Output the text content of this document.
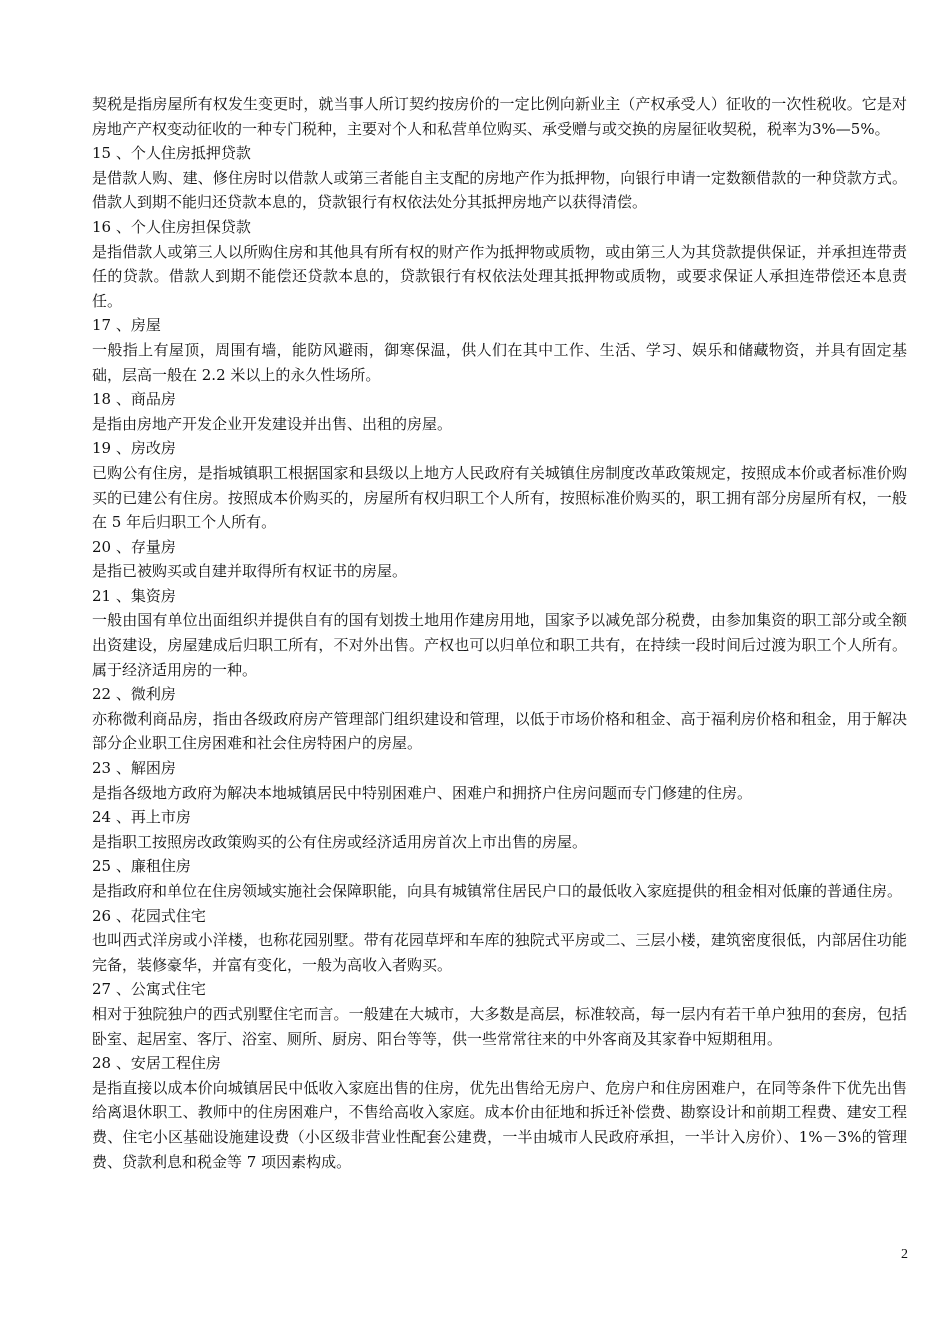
契税是指房屋所有权发生变更时，就当事人所订契约按房价的一定比例向新业主（产权承受人）征收的一次性税收。它是对房地产产权变动征收的一种专门税种，主要对个人和私营单位购买、承受赠与或交换的房屋征收契税，税率为3%—5%。

15 、个人住房抵押贷款

是借款人购、建、修住房时以借款人或第三者能自主支配的房地产作为抵押物，向银行申请一定数额借款的一种贷款方式。借款人到期不能归还贷款本息的，贷款银行有权依法处分其抵押房地产以获得清偿。

16 、个人住房担保贷款

是指借款人或第三人以所购住房和其他具有所有权的财产作为抵押物或质物，或由第三人为其贷款提供保证，并承担连带责任的贷款。借款人到期不能偿还贷款本息的，贷款银行有权依法处理其抵押物或质物，或要求保证人承担连带偿还本息责任。

17 、房屋

一般指上有屋顶，周围有墙，能防风避雨，御寒保温，供人们在其中工作、生活、学习、娱乐和储藏物资，并具有固定基础，层高一般在 2.2 米以上的永久性场所。

18 、商品房

是指由房地产开发企业开发建设并出售、出租的房屋。

19 、房改房

已购公有住房，是指城镇职工根据国家和县级以上地方人民政府有关城镇住房制度改革政策规定，按照成本价或者标准价购买的已建公有住房。按照成本价购买的，房屋所有权归职工个人所有，按照标准价购买的，职工拥有部分房屋所有权，一般在 5 年后归职工个人所有。

20 、存量房

是指已被购买或自建并取得所有权证书的房屋。

21 、集资房

一般由国有单位出面组织并提供自有的国有划拨土地用作建房用地，国家予以减免部分税费，由参加集资的职工部分或全额出资建设，房屋建成后归职工所有，不对外出售。产权也可以归单位和职工共有，在持续一段时间后过渡为职工个人所有。属于经济适用房的一种。

22 、微利房

亦称微利商品房，指由各级政府房产管理部门组织建设和管理，以低于市场价格和租金、高于福利房价格和租金，用于解决部分企业职工住房困难和社会住房特困户的房屋。

23 、解困房

是指各级地方政府为解决本地城镇居民中特别困难户、困难户和拥挤户住房问题而专门修建的住房。

24 、再上市房

是指职工按照房改政策购买的公有住房或经济适用房首次上市出售的房屋。

25 、廉租住房

是指政府和单位在住房领域实施社会保障职能，向具有城镇常住居民户口的最低收入家庭提供的租金相对低廉的普通住房。

26 、花园式住宅

也叫西式洋房或小洋楼，也称花园别墅。带有花园草坪和车库的独院式平房或二、三层小楼，建筑密度很低，内部居住功能完备，装修豪华，并富有变化，一般为高收入者购买。

27 、公寓式住宅

相对于独院独户的西式别墅住宅而言。一般建在大城市，大多数是高层，标准较高，每一层内有若干单户独用的套房，包括卧室、起居室、客厅、浴室、厕所、厨房、阳台等等，供一些常常往来的中外客商及其家眷中短期租用。

28 、安居工程住房

是指直接以成本价向城镇居民中低收入家庭出售的住房，优先出售给无房户、危房户和住房困难户，在同等条件下优先出售给离退休职工、教师中的住房困难户，不售给高收入家庭。成本价由征地和拆迁补偿费、勘察设计和前期工程费、建安工程费、住宅小区基础设施建设费（小区级非营业性配套公建费，一半由城市人民政府承担，一半计入房价）、1%－3%的管理费、贷款利息和税金等 7 项因素构成。

2
